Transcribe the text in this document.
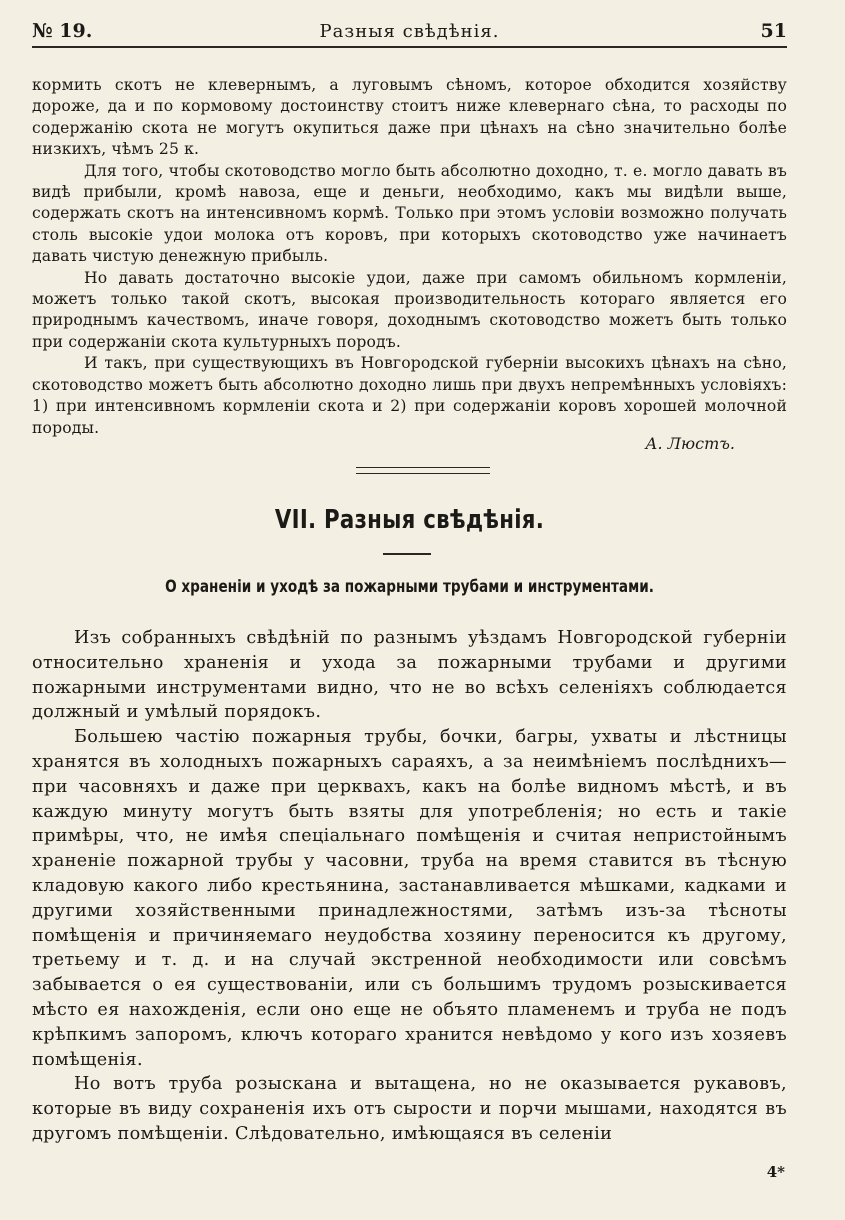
№ 19.	Разныя свѣдѣнія.	51

кормить скотъ не клевернымъ, а луговымъ сѣномъ, которое обходится хозяйству дороже, да и по кормовому достоинству стоитъ ниже клевернаго сѣна, то расходы по содержанію скота не могутъ окупиться даже при цѣнахъ на сѣно значительно болѣе низкихъ, чѣмъ 25 к.

Для того, чтобы скотоводство могло быть абсолютно доходно, т. е. могло давать въ видѣ прибыли, кромѣ навоза, еще и деньги, необходимо, какъ мы видѣли выше, содержать скотъ на интенсивномъ кормѣ. Только при этомъ условіи возможно получать столь высокіе удои молока отъ коровъ, при которыхъ скотоводство уже начинаетъ давать чистую денежную прибыль.

Но давать достаточно высокіе удои, даже при самомъ обильномъ кормленіи, можетъ только такой скотъ, высокая производительность котораго является его природнымъ качествомъ, иначе говоря, доходнымъ скотоводство можетъ быть только при содержаніи скота культурныхъ породъ.

И такъ, при существующихъ въ Новгородской губерніи высокихъ цѣнахъ на сѣно, скотоводство можетъ быть абсолютно доходно лишь при двухъ непремѣнныхъ условіяхъ: 1) при интенсивномъ кормленіи скота и 2) при содержаніи коровъ хорошей молочной породы.

А. Люстъ.
VII. Разныя свѣдѣнія.
О храненіи и уходѣ за пожарными трубами и инструментами.

Изъ собранныхъ свѣдѣній по разнымъ уѣздамъ Новгородской губерніи относительно храненія и ухода за пожарными трубами и другими пожарными инструментами видно, что не во всѣхъ селеніяхъ соблюдается должный и умѣлый порядокъ.

Большею частію пожарныя трубы, бочки, багры, ухваты и лѣстницы хранятся въ холодныхъ пожарныхъ сараяхъ, а за неимѣніемъ послѣднихъ—при часовняхъ и даже при церквахъ, какъ на болѣе видномъ мѣстѣ, и въ каждую минуту могутъ быть взяты для употребленія; но есть и такіе примѣры, что, не имѣя спеціальнаго помѣщенія и считая непристойнымъ храненіе пожарной трубы у часовни, труба на время ставится въ тѣсную кладовую какого либо крестьянина, застанавливается мѣшками, кадками и другими хозяйственными принадлежностями, затѣмъ изъ-за тѣсноты помѣщенія и причиняемаго неудобства хозяину переносится къ другому, третьему и т. д. и на случай экстренной необходимости или совсѣмъ забывается о ея существованіи, или съ большимъ трудомъ розыскивается мѣсто ея нахожденія, если оно еще не объято пламенемъ и труба не подъ крѣпкимъ запоромъ, ключъ котораго хранится невѣдомо у кого изъ хозяевъ помѣщенія.

Но вотъ труба розыскана и вытащена, но не оказывается рукавовъ, которые въ виду сохраненія ихъ отъ сырости и порчи мышами, находятся въ другомъ помѣщеніи. Слѣдовательно, имѣющаяся въ селеніи

4*
